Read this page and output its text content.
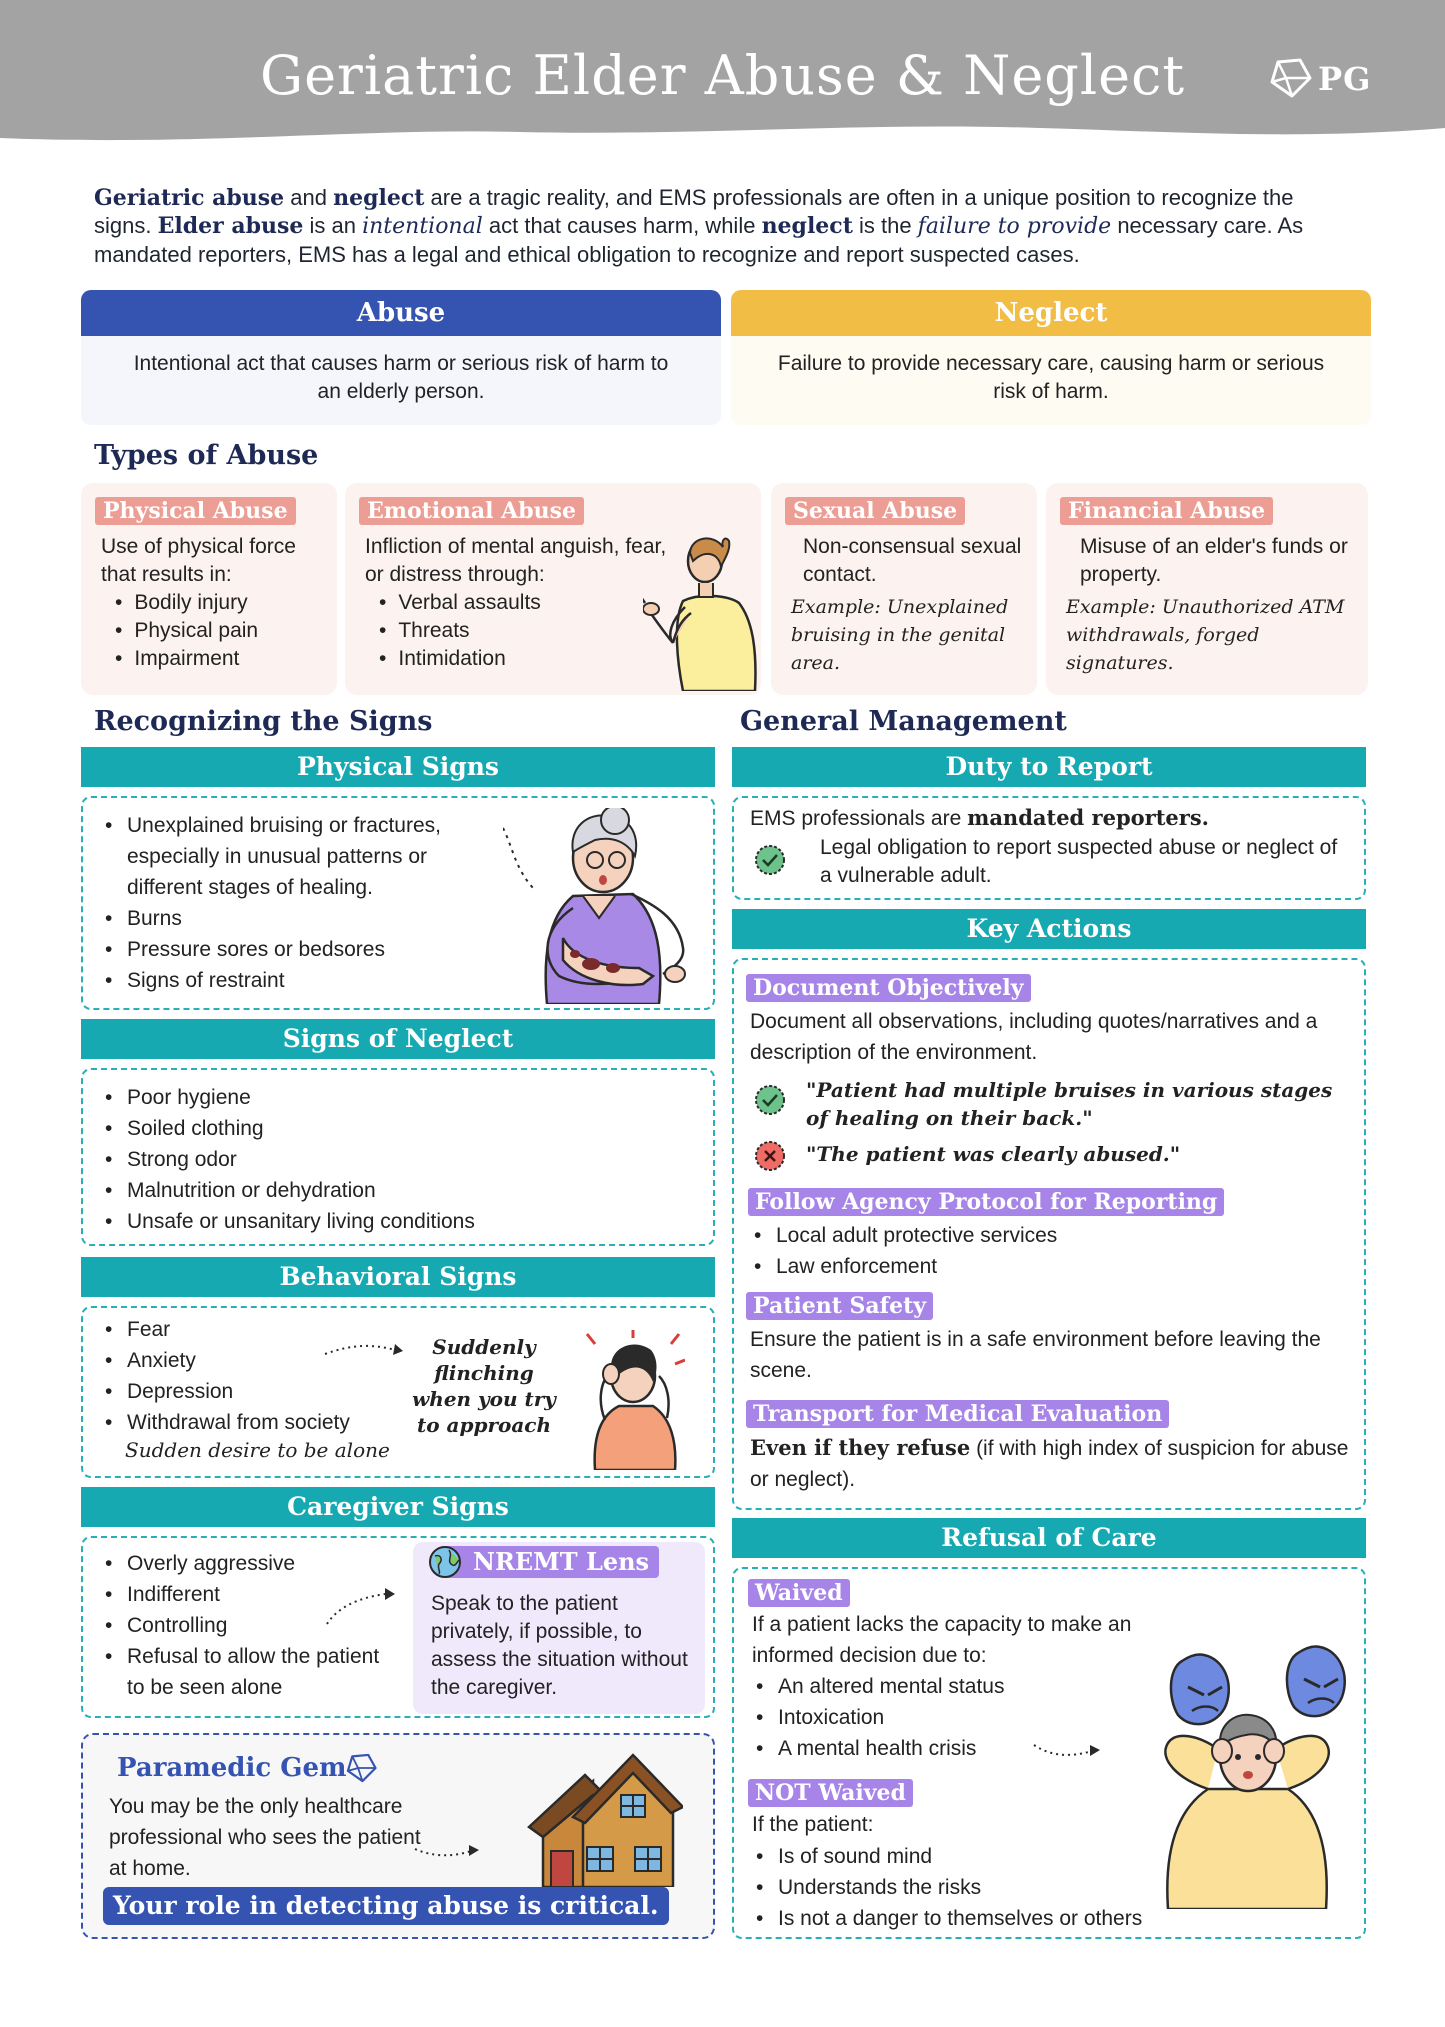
Geriatric Elder Abuse & Neglect	PG
Geriatric abuse and neglect are a tragic reality, and EMS professionals are often in a unique position to recognize the signs. Elder abuse is an intentional act that causes harm, while neglect is the failure to provide necessary care. As mandated reporters, EMS has a legal and ethical obligation to recognize and report suspected cases.
Abuse
Intentional act that causes harm or serious risk of harm to an elderly person.
Neglect
Failure to provide necessary care, causing harm or serious risk of harm.
Types of Abuse
Physical Abuse
Use of physical force that results in:
• Bodily injury
• Physical pain
• Impairment
Emotional Abuse
Infliction of mental anguish, fear, or distress through:
• Verbal assaults
• Threats
• Intimidation
Sexual Abuse
Non-consensual sexual contact.
Example: Unexplained bruising in the genital area.
Financial Abuse
Misuse of an elder's funds or property.
Example: Unauthorized ATM withdrawals, forged signatures.
Recognizing the Signs	General Management
Physical Signs
• Unexplained bruising or fractures, especially in unusual patterns or different stages of healing.
• Burns
• Pressure sores or bedsores
• Signs of restraint
Signs of Neglect
• Poor hygiene
• Soiled clothing
• Strong odor
• Malnutrition or dehydration
• Unsafe or unsanitary living conditions
Behavioral Signs
• Fear
• Anxiety
• Depression
• Withdrawal from society
Sudden desire to be alone
Suddenly flinching when you try to approach
Caregiver Signs
• Overly aggressive
• Indifferent
• Controlling
• Refusal to allow the patient to be seen alone
NREMT Lens
Speak to the patient privately, if possible, to assess the situation without the caregiver.
Paramedic Gem
You may be the only healthcare professional who sees the patient at home.
Your role in detecting abuse is critical.
Duty to Report
EMS professionals are mandated reporters.
Legal obligation to report suspected abuse or neglect of a vulnerable adult.
Key Actions
Document Objectively
Document all observations, including quotes/narratives and a description of the environment.
"Patient had multiple bruises in various stages of healing on their back."
"The patient was clearly abused."
Follow Agency Protocol for Reporting
• Local adult protective services
• Law enforcement
Patient Safety
Ensure the patient is in a safe environment before leaving the scene.
Transport for Medical Evaluation
Even if they refuse (if with high index of suspicion for abuse or neglect).
Refusal of Care
Waived
If a patient lacks the capacity to make an informed decision due to:
• An altered mental status
• Intoxication
• A mental health crisis
NOT Waived
If the patient:
• Is of sound mind
• Understands the risks
• Is not a danger to themselves or others
